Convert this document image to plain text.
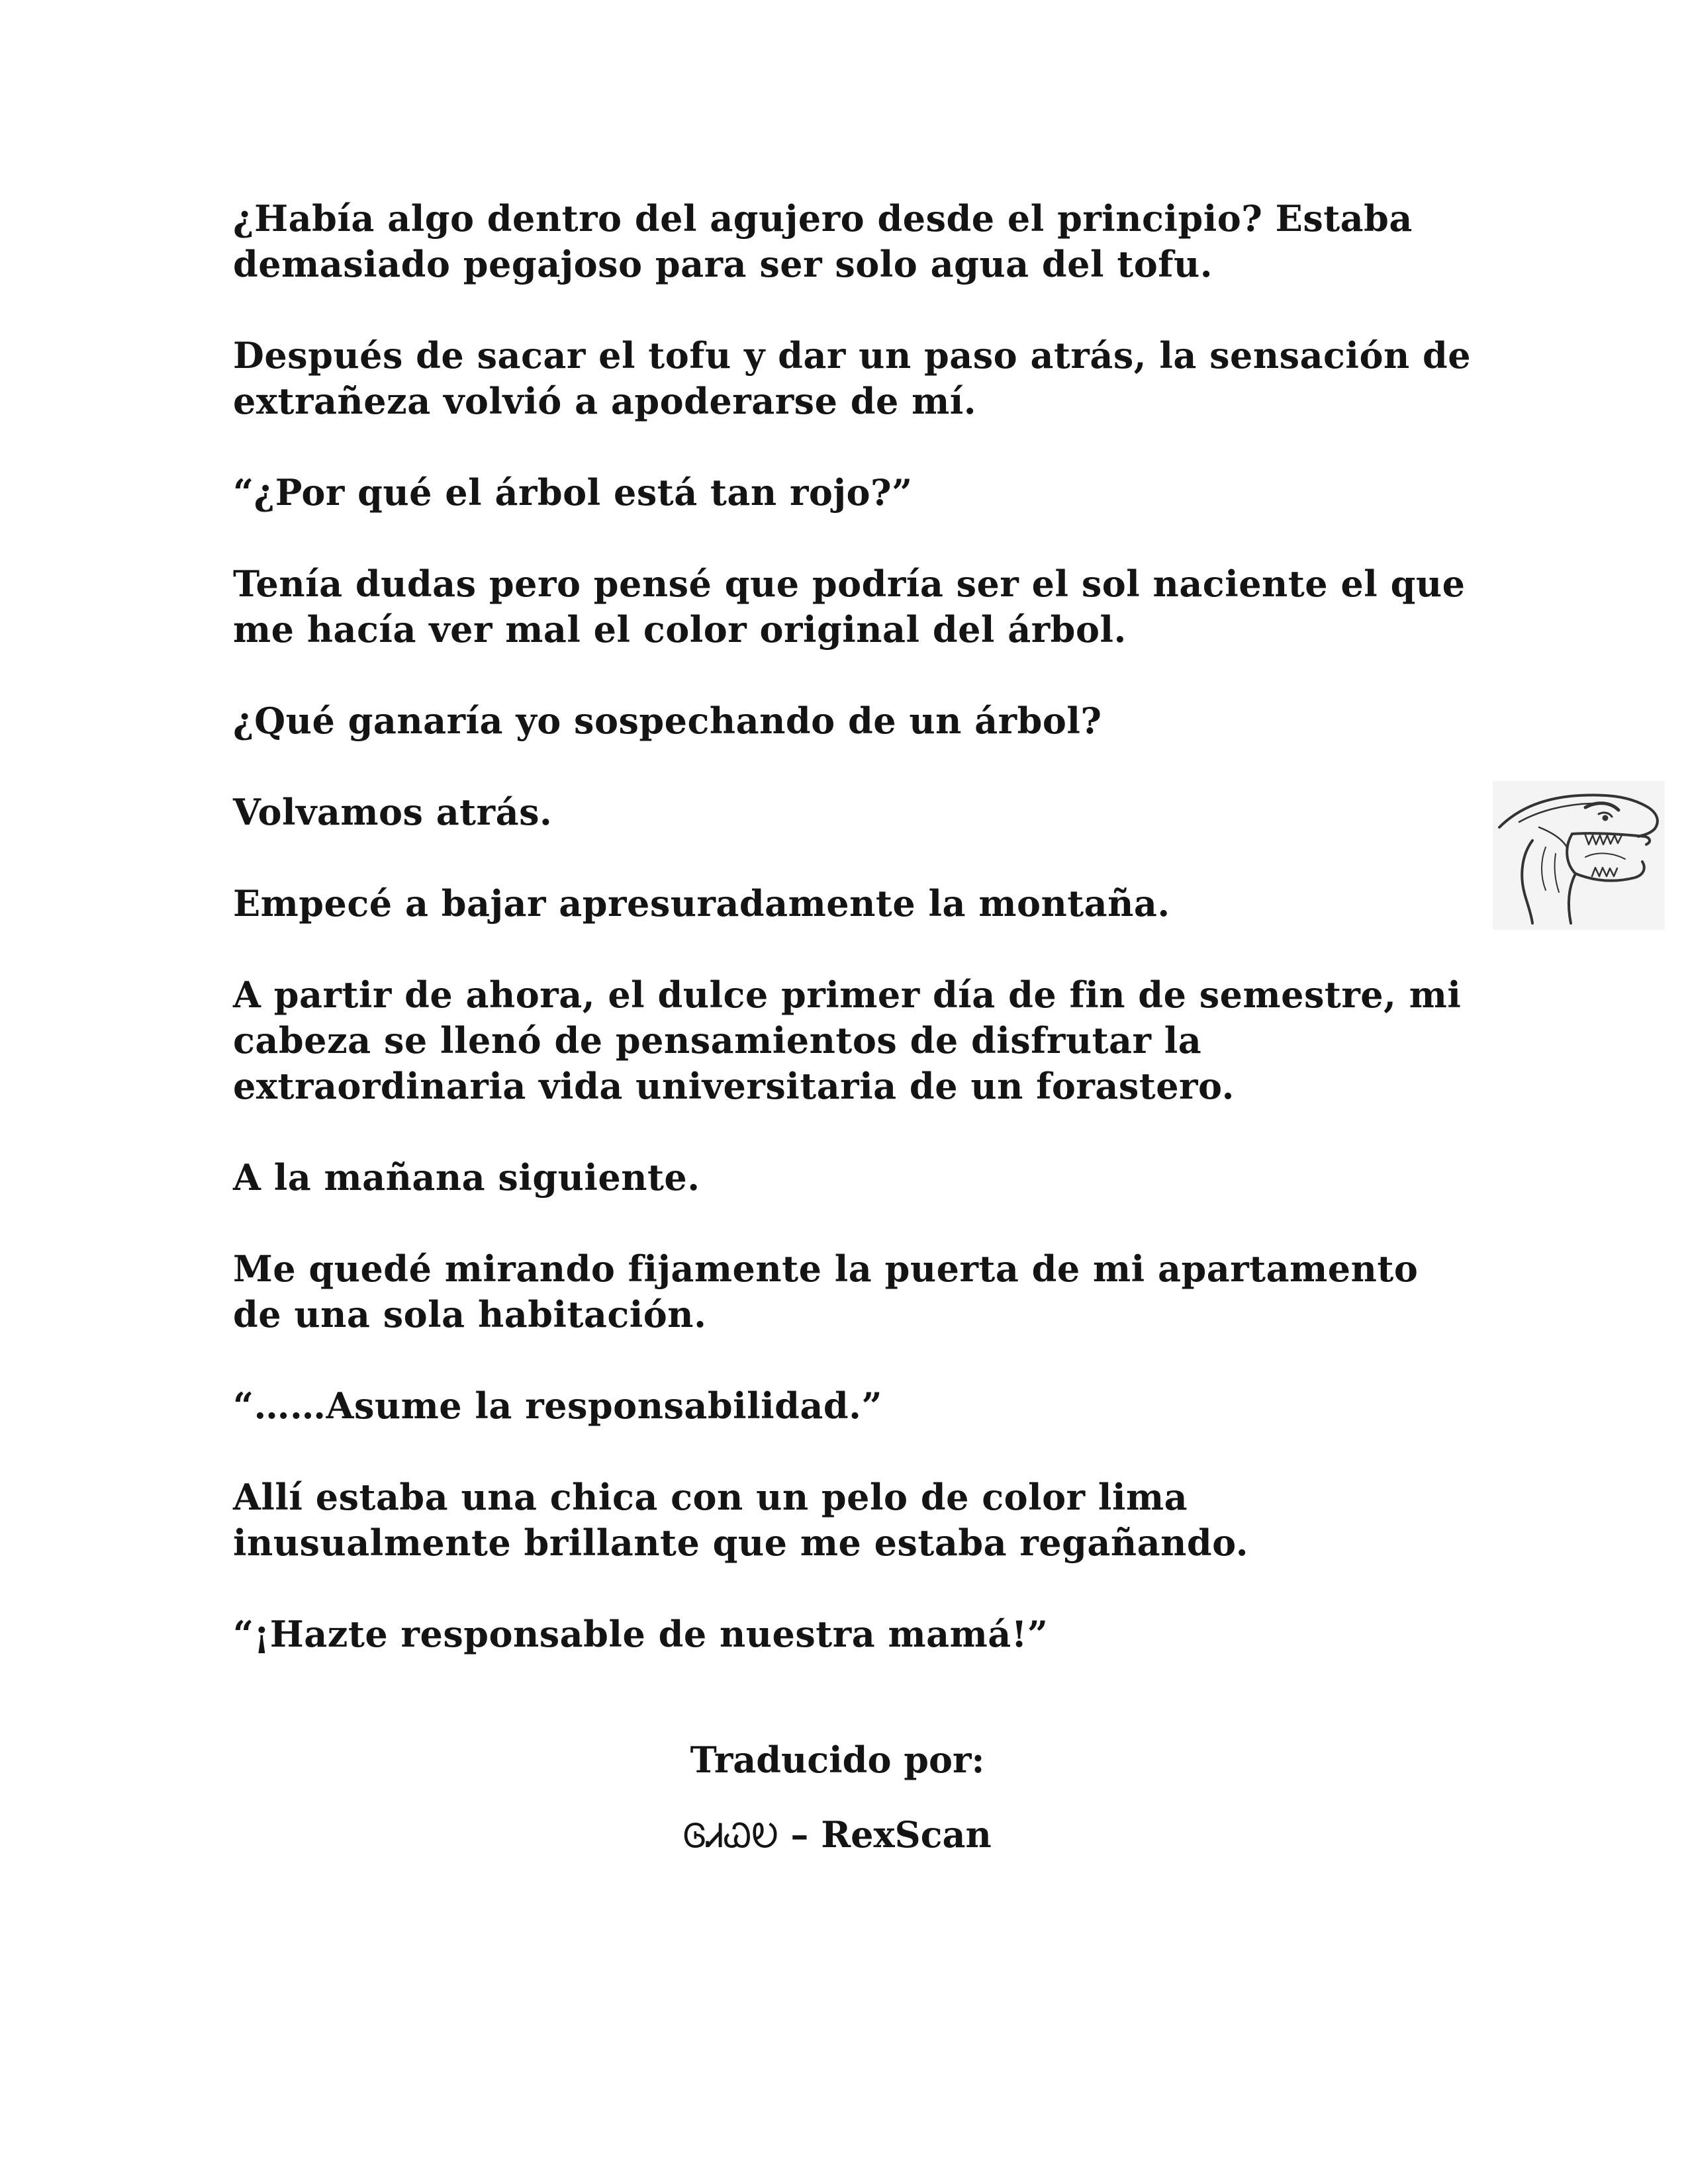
¿Había algo dentro del agujero desde el principio? Estaba demasiado pegajoso para ser solo agua del tofu.

Después de sacar el tofu y dar un paso atrás, la sensación de extrañeza volvió a apoderarse de mí.

“¿Por qué el árbol está tan rojo?”

Tenía dudas pero pensé que podría ser el sol naciente el que me hacía ver mal el color original del árbol.

¿Qué ganaría yo sospechando de un árbol?

Volvamos atrás.

Empecé a bajar apresuradamente la montaña.

A partir de ahora, el dulce primer día de fin de semestre, mi cabeza se llenó de pensamientos de disfrutar la extraordinaria vida universitaria de un forastero.

A la mañana siguiente.

Me quedé mirando fijamente la puerta de mi apartamento de una sola habitación.

“……Asume la responsabilidad.”

Allí estaba una chica con un pelo de color lima inusualmente brillante que me estaba regañando.

“¡Hazte responsable de nuestra mamá!”

Traducido por:
ᎶᏗᏇᎧ – RexScan
